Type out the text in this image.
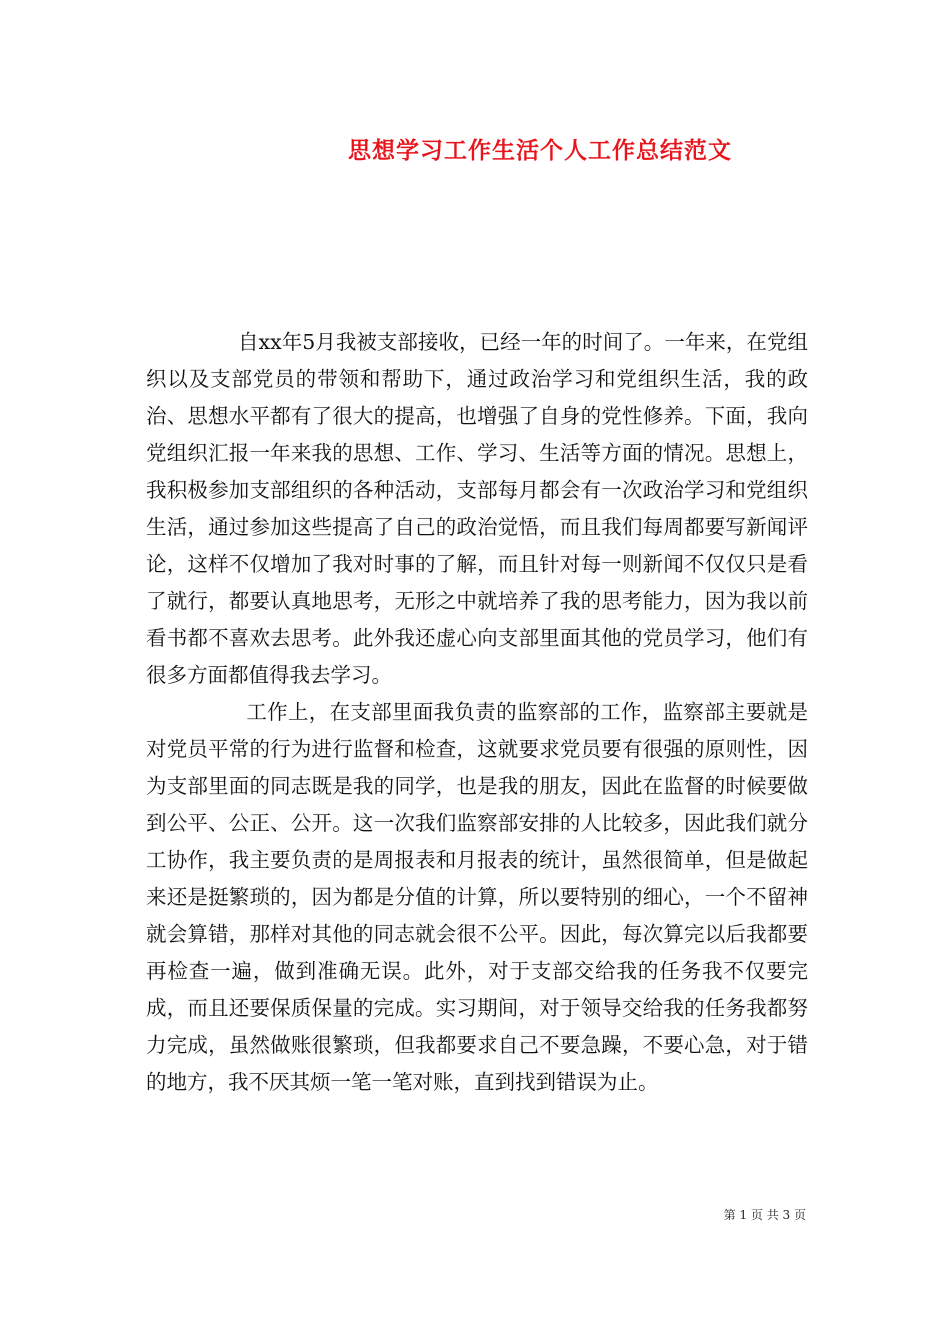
思想学习工作生活个人工作总结范文

自xx年5月我被支部接收，已经一年的时间了。一年来，在党组织以及支部党员的带领和帮助下，通过政治学习和党组织生活，我的政治、思想水平都有了很大的提高，也增强了自身的党性修养。下面，我向党组织汇报一年来我的思想、工作、学习、生活等方面的情况。思想上，我积极参加支部组织的各种活动，支部每月都会有一次政治学习和党组织生活，通过参加这些提高了自己的政治觉悟，而且我们每周都要写新闻评论，这样不仅增加了我对时事的了解，而且针对每一则新闻不仅仅只是看了就行，都要认真地思考，无形之中就培养了我的思考能力，因为我以前看书都不喜欢去思考。此外我还虚心向支部里面其他的党员学习，他们有很多方面都值得我去学习。

工作上，在支部里面我负责的监察部的工作，监察部主要就是对党员平常的行为进行监督和检查，这就要求党员要有很强的原则性，因为支部里面的同志既是我的同学，也是我的朋友，因此在监督的时候要做到公平、公正、公开。这一次我们监察部安排的人比较多，因此我们就分工协作，我主要负责的是周报表和月报表的统计，虽然很简单，但是做起来还是挺繁琐的，因为都是分值的计算，所以要特别的细心，一个不留神就会算错，那样对其他的同志就会很不公平。因此，每次算完以后我都要再检查一遍，做到准确无误。此外，对于支部交给我的任务我不仅要完成，而且还要保质保量的完成。实习期间，对于领导交给我的任务我都努力完成，虽然做账很繁琐，但我都要求自己不要急躁，不要心急，对于错的地方，我不厌其烦一笔一笔对账，直到找到错误为止。

第 1 页 共 3 页
